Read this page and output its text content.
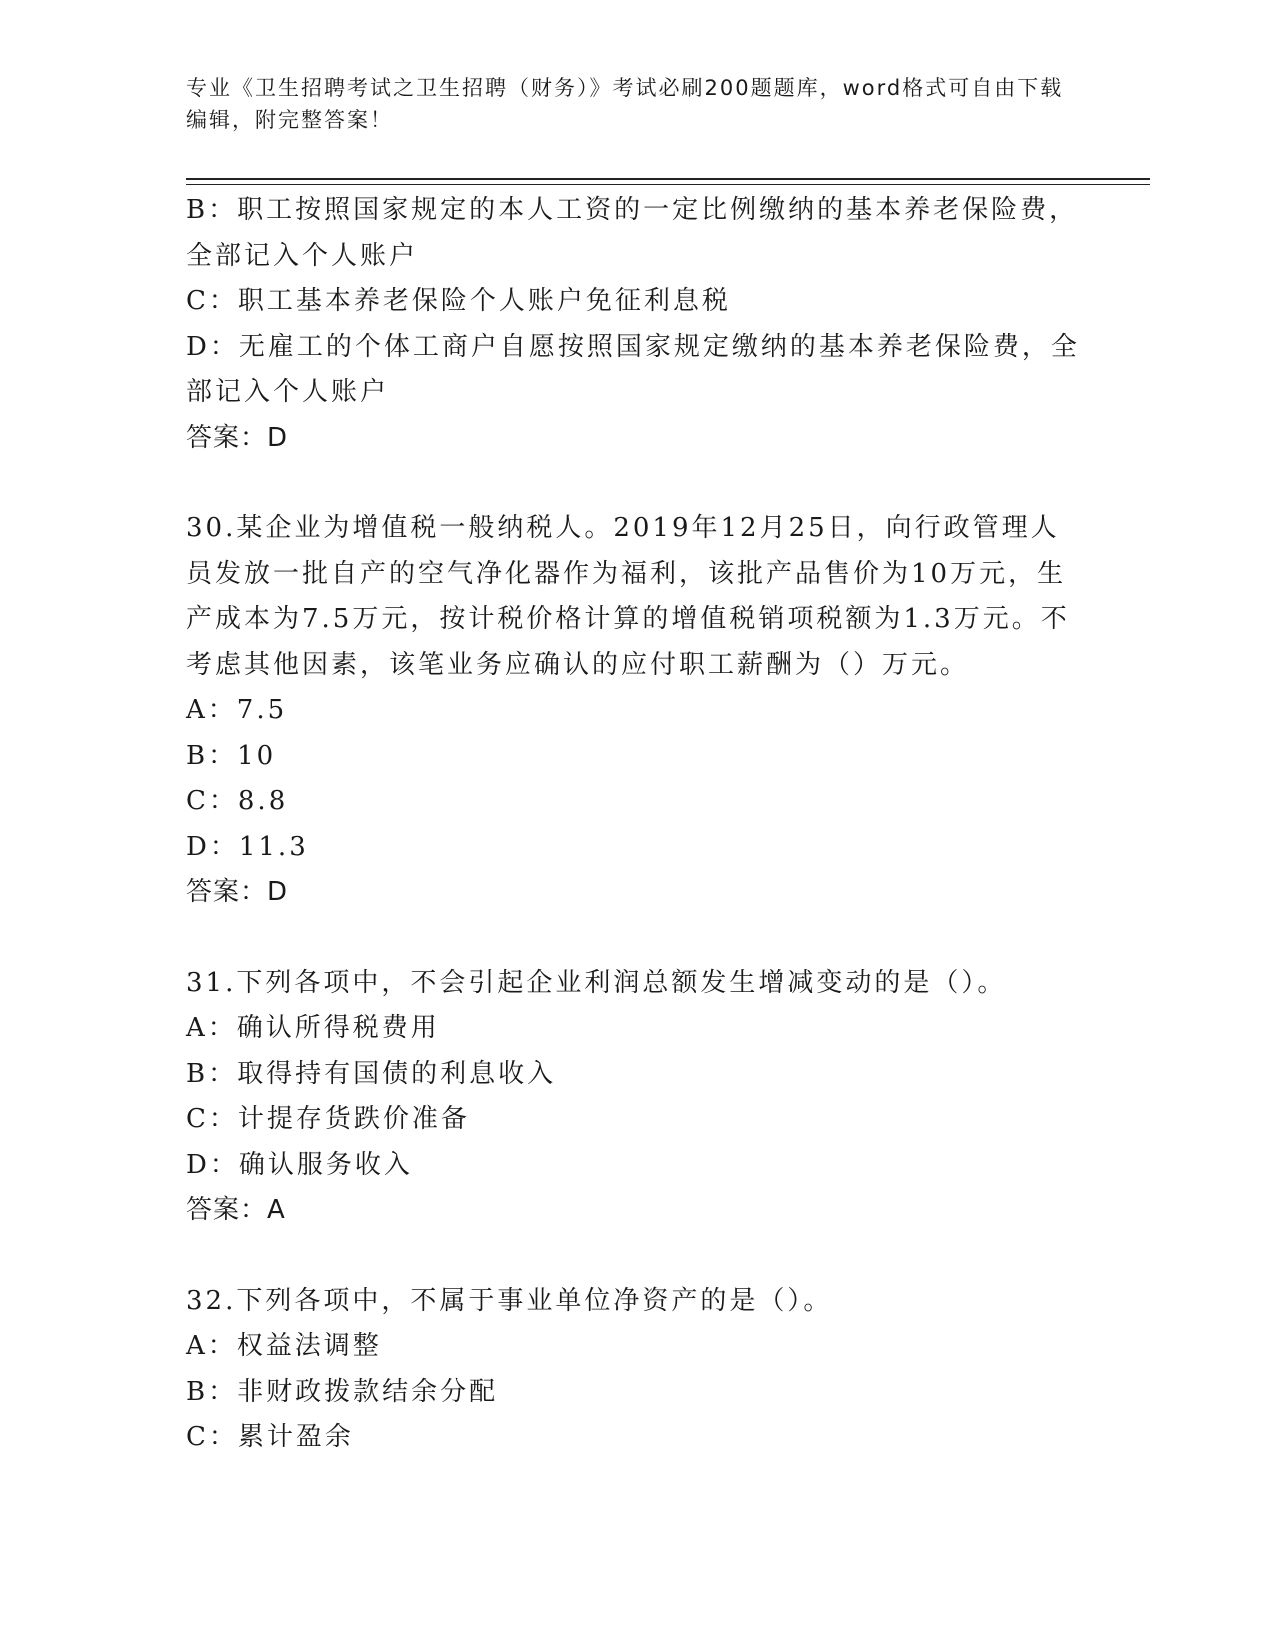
专业《卫生招聘考试之卫生招聘（财务）》考试必刷200题题库，word格式可自由下载编辑，附完整答案！
B：职工按照国家规定的本人工资的一定比例缴纳的基本养老保险费，全部记入个人账户
C：职工基本养老保险个人账户免征利息税
D：无雇工的个体工商户自愿按照国家规定缴纳的基本养老保险费，全部记入个人账户
答案：D
30.某企业为增值税一般纳税人。2019年12月25日，向行政管理人员发放一批自产的空气净化器作为福利，该批产品售价为10万元，生产成本为7.5万元，按计税价格计算的增值税销项税额为1.3万元。不考虑其他因素，该笔业务应确认的应付职工薪酬为（）万元。
A：7.5
B：10
C：8.8
D：11.3
答案：D
31.下列各项中，不会引起企业利润总额发生增减变动的是（）。
A：确认所得税费用
B：取得持有国债的利息收入
C：计提存货跌价准备
D：确认服务收入
答案：A
32.下列各项中，不属于事业单位净资产的是（）。
A：权益法调整
B：非财政拨款结余分配
C：累计盈余
